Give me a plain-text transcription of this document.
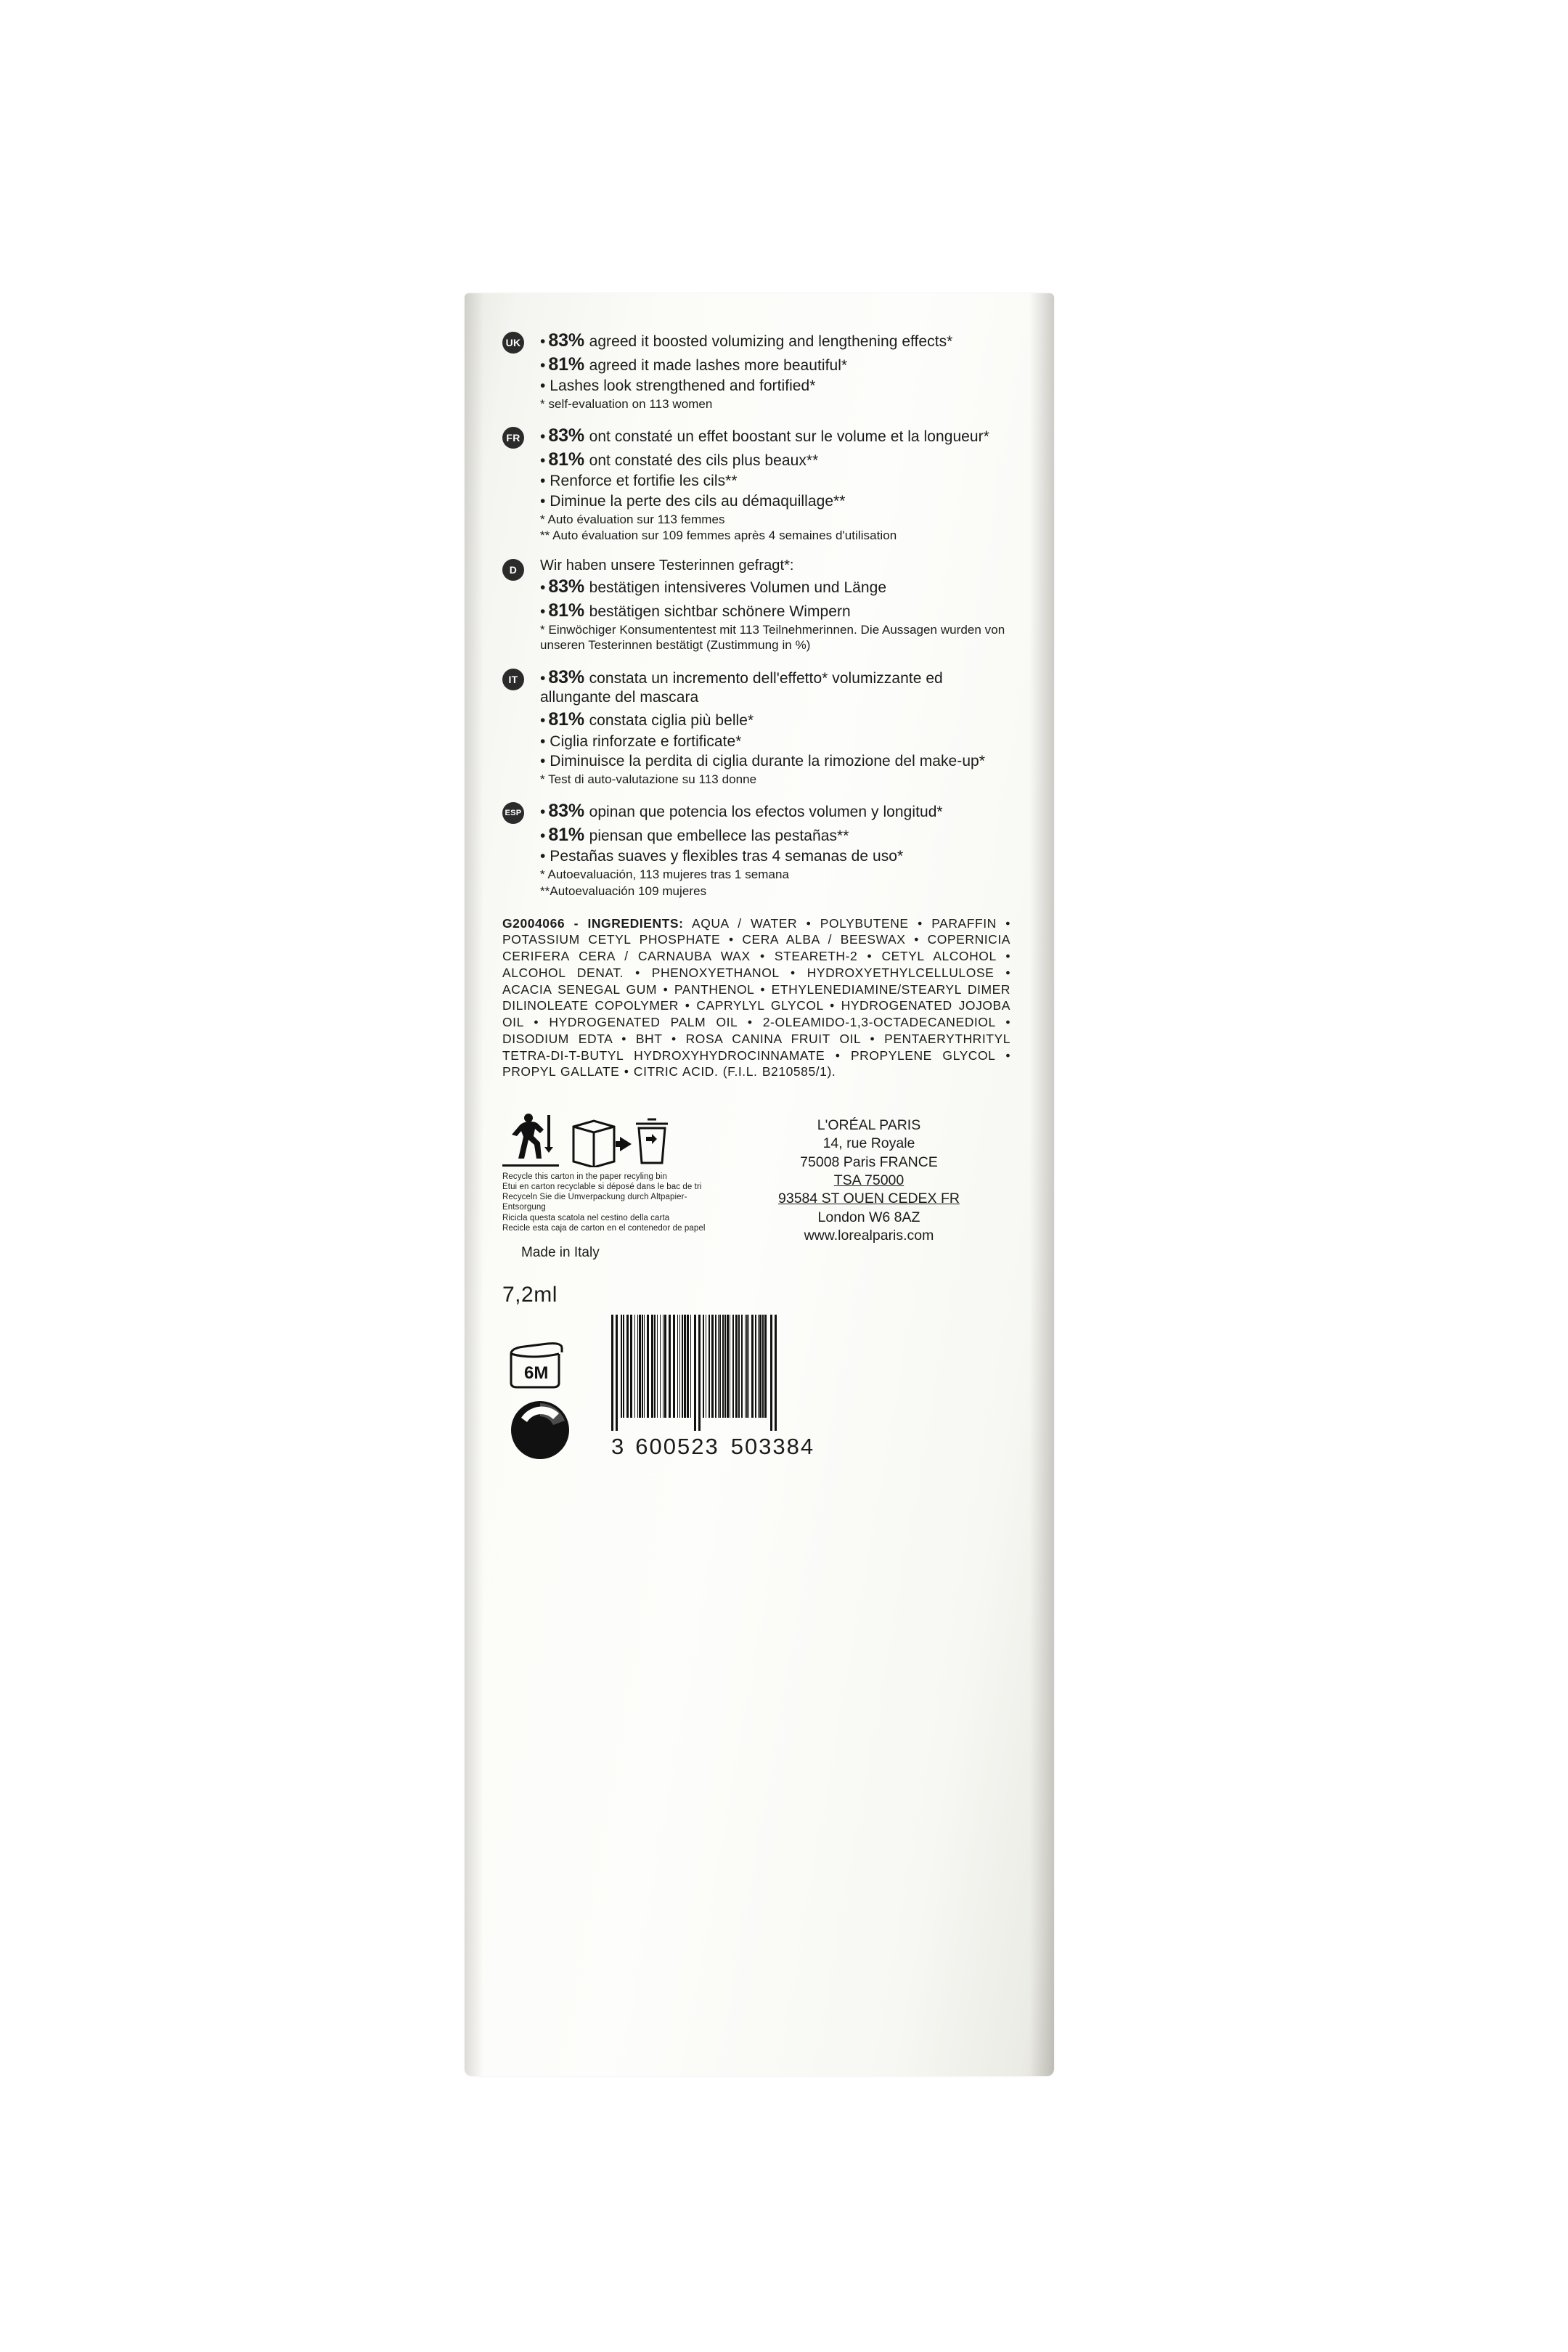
UK • 83% agreed it boosted volumizing and lengthening effects*

• 81% agreed it made lashes more beautiful*

• Lashes look strengthened and fortified*

* self-evaluation on 113 women

FR • 83% ont constaté un effet boostant sur le volume et la longueur*

• 81% ont constaté des cils plus beaux**

• Renforce et fortifie les cils**

• Diminue la perte des cils au démaquillage**

* Auto évaluation sur 113 femmes

** Auto évaluation sur 109 femmes après 4 semaines d'utilisation

D	Wir haben unsere Testerinnen gefragt*:

• 83% bestätigen intensiveres Volumen und Länge

• 81% bestätigen sichtbar schönere Wimpern

* Einwöchiger Konsumententest mit 113 Teilnehmerinnen. Die Aussagen wurden von unseren Testerinnen bestätigt (Zustimmung in %)

IT	• 83% constata un incremento dell'effetto* volumizzante ed allungante del mascara

• 81% constata ciglia più belle*

• Ciglia rinforzate e fortificate*

• Diminuisce la perdita di ciglia durante la rimozione del make-up*

* Test di auto-valutazione su 113 donne

ESP • 83% opinan que potencia los efectos volumen y longitud*

• 81% piensan que embellece las pestañas**

• Pestañas suaves y flexibles tras 4 semanas de uso*

* Autoevaluación, 113 mujeres tras 1 semana

**Autoevaluación 109 mujeres

G2004066 - INGREDIENTS: AQUA / WATER • POLYBUTENE • PARAFFIN • POTASSIUM CETYL PHOSPHATE • CERA ALBA / BEESWAX • COPERNICIA CERIFERA CERA / CARNAUBA WAX • STEARETH-2 • CETYL ALCOHOL • ALCOHOL DENAT. • PHENOXYETHANOL • HYDROXYETHYLCELLULOSE • ACACIA SENEGAL GUM • PANTHENOL • ETHYLENEDIAMINE/STEARYL DIMER DILINOLEATE COPOLYMER • CAPRYLYL GLYCOL • HYDROGENATED JOJOBA OIL • HYDROGENATED PALM OIL • 2-OLEAMIDO-1,3-OCTADECANEDIOL • DISODIUM EDTA • BHT • ROSA CANINA FRUIT OIL • PENTAERYTHRITYL TETRA-DI-T-BUTYL HYDROXYHYDROCINNAMATE • PROPYLENE GLYCOL • PROPYL GALLATE • CITRIC ACID. (F.I.L. B210585/1).
Recycle this carton in the paper recyling bin
Etui en carton recyclable si déposé dans le bac de tri
Recyceln Sie die Umverpackung durch Altpapier-Entsorgung
Ricicla questa scatola nel cestino della carta
Recicle esta caja de carton en el contenedor de papel
Made in Italy
L'ORÉAL PARIS
14, rue Royale
75008 Paris FRANCE
TSA 75000
93584 ST OUEN CEDEX FR
London W6 8AZ
www.lorealparis.com
7,2ml
6M
3 600523 503384
